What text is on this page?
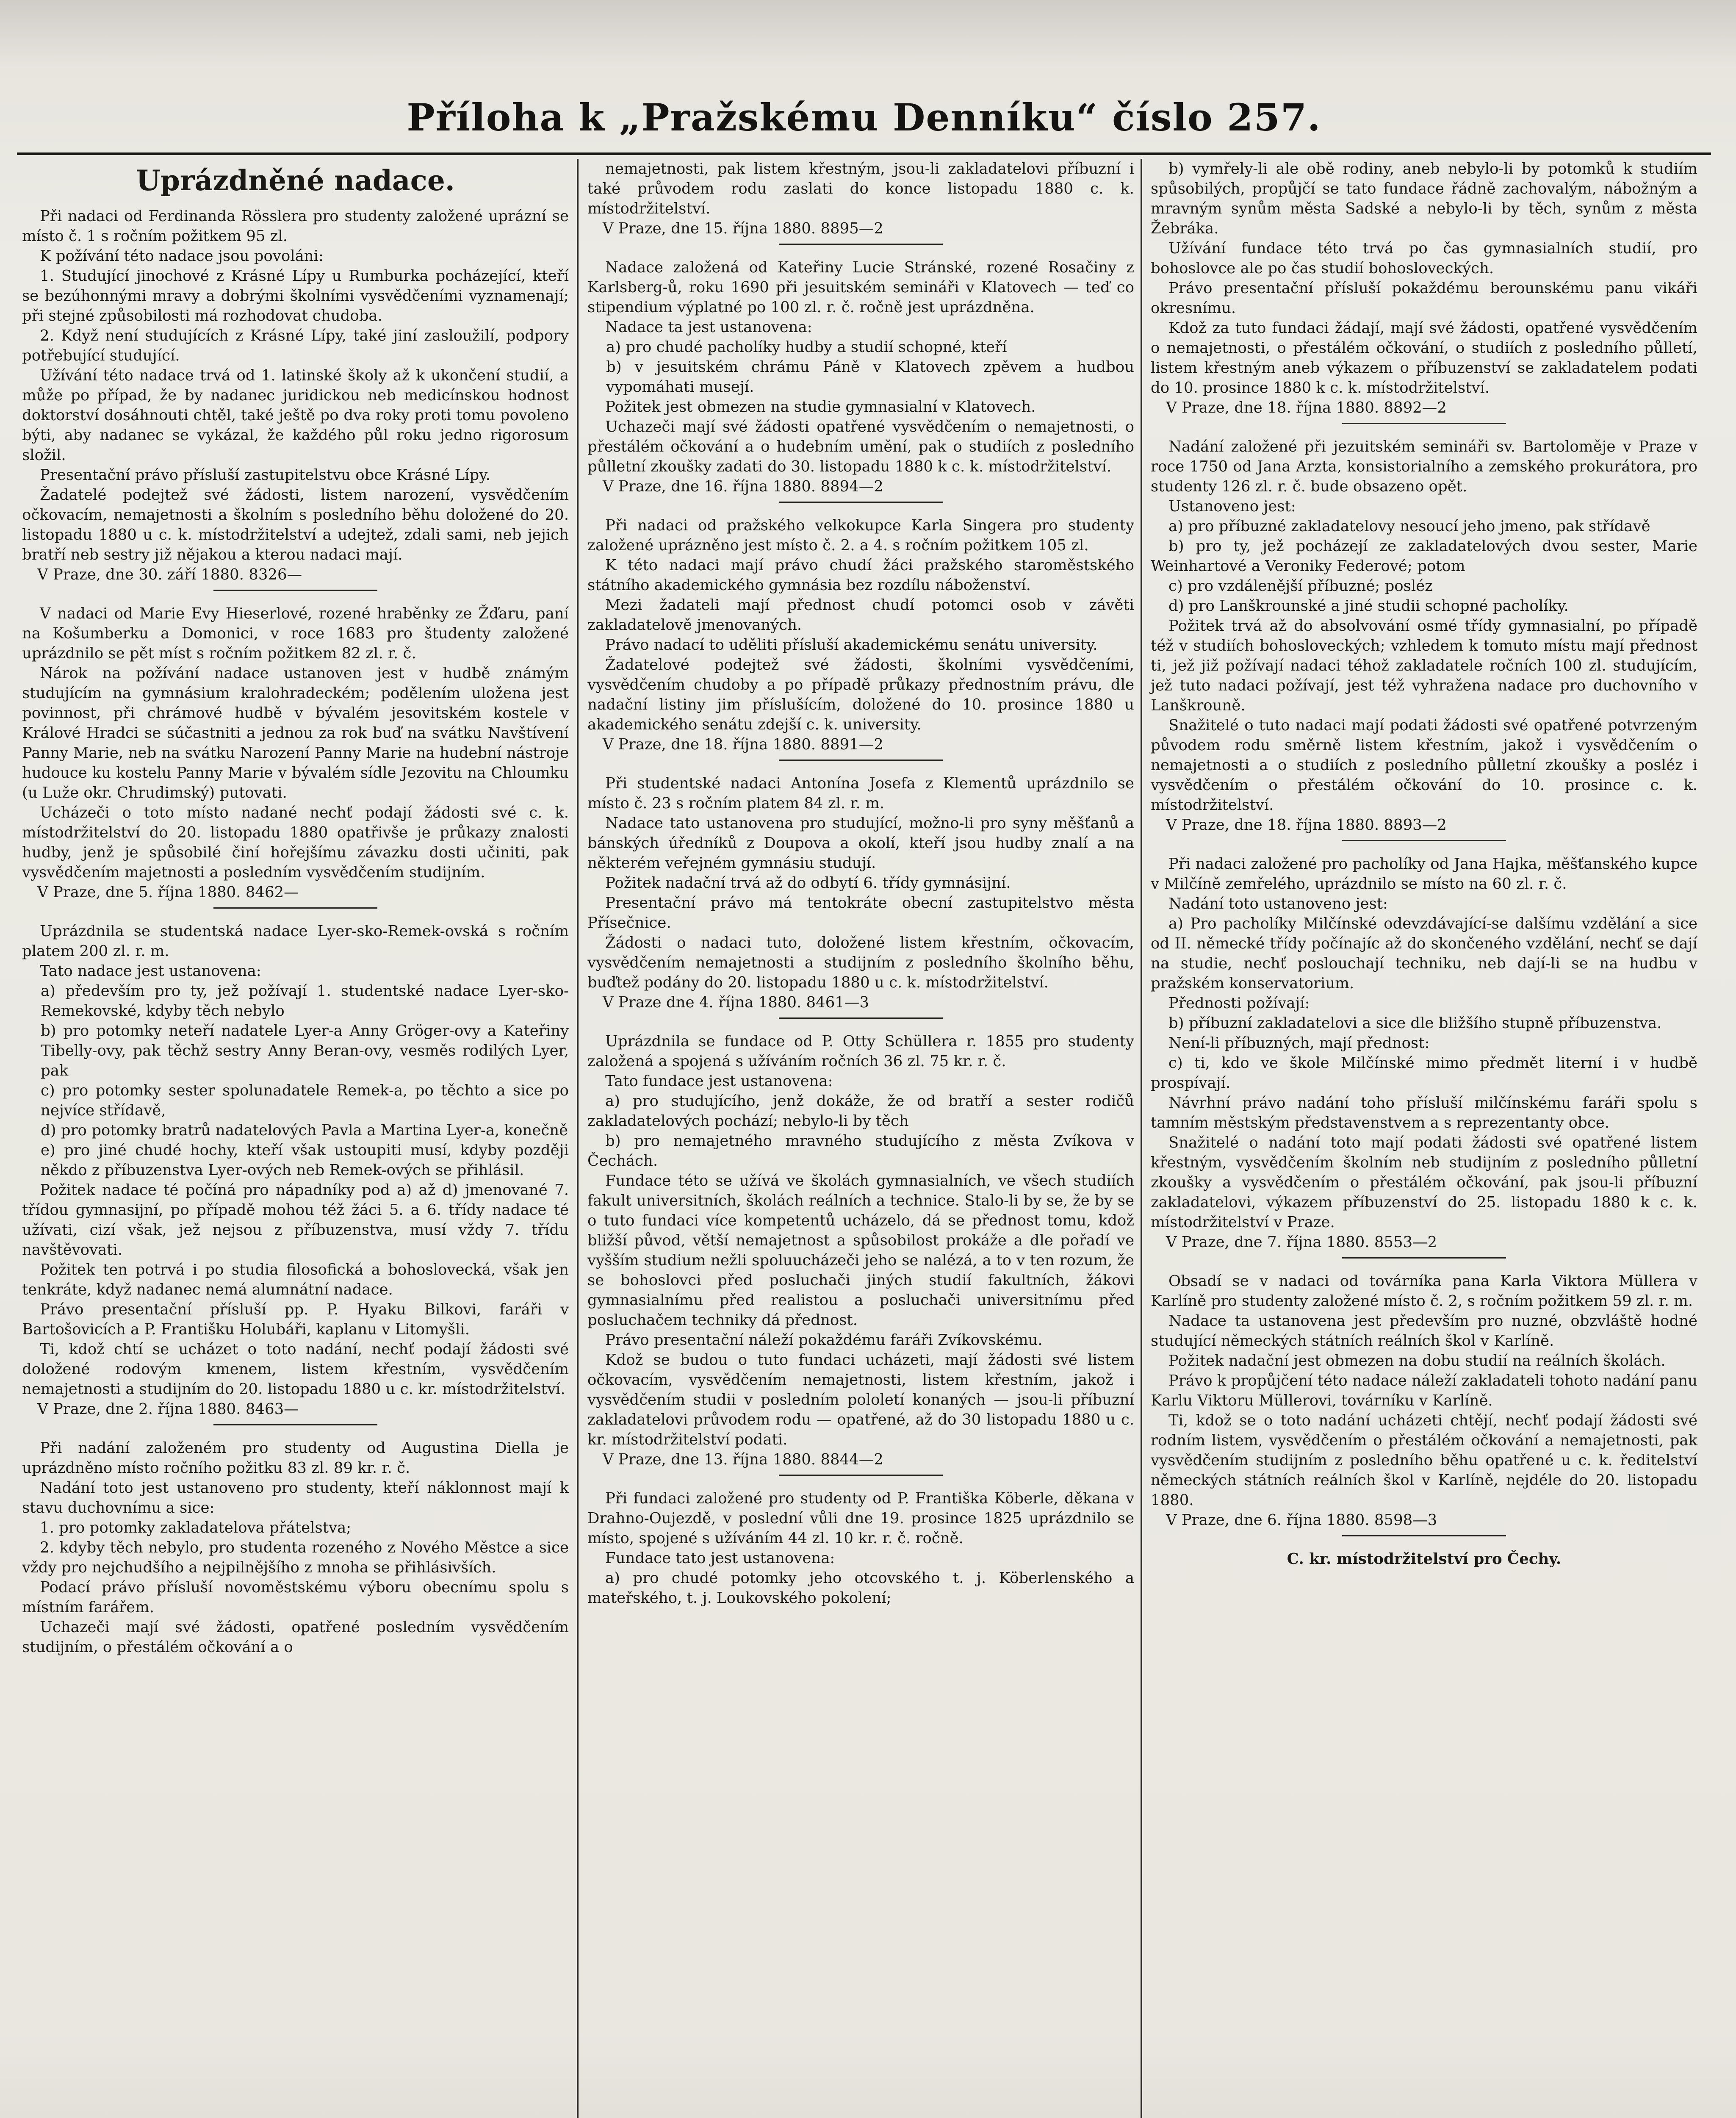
Příloha k „Pražskému Denníku“ číslo 257.
Uprázdněné nadace.

Při nadaci od Ferdinanda Rösslera pro studenty založené uprázní se místo č. 1 s ročním požitkem 95 zl.

K požívání této nadace jsou povoláni:

1. Studující jinochové z Krásné Lípy u Rumburka pocházející, kteří se bezúhonnými mravy a dobrými školními vysvědčeními vyznamenají; při stejné způsobilosti má rozhodovat chudoba.

2. Když není studujících z Krásné Lípy, také jiní zasloužilí, podpory potřebující studující.

Užívání této nadace trvá od 1. latinské školy až k ukončení studií, a může po případ, že by nadanec juridickou neb medicínskou hodnost doktorství dosáhnouti chtěl, také ještě po dva roky proti tomu povoleno býti, aby nadanec se vykázal, že každého půl roku jedno rigorosum složil.

Presentační právo přísluší zastupitelstvu obce Krásné Lípy.

Žadatelé podejtež své žádosti, listem narození, vysvědčením očkovacím, nemajetnosti a školním s posledního běhu doložené do 20. listopadu 1880 u c. k. místodržitelství a udejtež, zdali sami, neb jejich bratří neb sestry již nějakou a kterou nadaci mají.

V Praze, dne 30. září 1880. 8326—

V nadaci od Marie Evy Hieserlové, rozené hraběnky ze Žďaru, paní na Košumberku a Domonici, v roce 1683 pro študenty založené uprázdnilo se pět míst s ročním požitkem 82 zl. r. č.

Nárok na požívání nadace ustanoven jest v hudbě známým studujícím na gymnásium kralohradeckém; podělením uložena jest povinnost, při chrámové hudbě v bývalém jesovitském kostele v Králové Hradci se súčastniti a jednou za rok buď na svátku Navštívení Panny Marie, neb na svátku Narození Panny Marie na hudební nástroje hudouce ku kostelu Panny Marie v bývalém sídle Jezovitu na Chloumku (u Luže okr. Chrudimský) putovati.

Ucházeči o toto místo nadané nechť podají žádosti své c. k. místodržitelství do 20. listopadu 1880 opatřivše je průkazy znalosti hudby, jenž je spůsobilé činí hořejšímu závazku dosti učiniti, pak vysvědčením majetnosti a posledním vysvědčením studijním.

V Praze, dne 5. října 1880. 8462—

Uprázdnila se studentská nadace Lyer-sko-Remek-ovská s ročním platem 200 zl. r. m.

Tato nadace jest ustanovena:

a) především pro ty, jež požívají 1. studentské nadace Lyer-sko-Remekovské, kdyby těch nebylo

b) pro potomky neteří nadatele Lyer-a Anny Gröger-ovy a Kateřiny Tibelly-ovy, pak těchž sestry Anny Beran-ovy, vesměs rodilých Lyer, pak

c) pro potomky sester spolunadatele Remek-a, po těchto a sice po nejvíce střídavě,

d) pro potomky bratrů nadatelových Pavla a Martina Lyer-a, konečně

e) pro jiné chudé hochy, kteří však ustoupiti musí, kdyby později někdo z příbuzenstva Lyer-ových neb Remek-ových se přihlásil.

Požitek nadace té počíná pro nápadníky pod a) až d) jmenované 7. třídou gymnasijní, po případě mohou též žáci 5. a 6. třídy nadace té užívati, cizí však, jež nejsou z příbuzenstva, musí vždy 7. třídu navštěvovati.

Požitek ten potrvá i po studia filosofická a bohoslovecká, však jen tenkráte, když nadanec nemá alumnátní nadace.

Právo presentační přísluší pp. P. Hyaku Bilkovi, faráři v Bartošovicích a P. Františku Holubáři, kaplanu v Litomyšli.

Ti, kdož chtí se ucházet o toto nadání, nechť podají žádosti své doložené rodovým kmenem, listem křestním, vysvědčením nemajetnosti a studijním do 20. listopadu 1880 u c. kr. místodržitelství.

V Praze, dne 2. října 1880. 8463—

Při nadání založeném pro studenty od Augustina Diella je uprázdněno místo ročního požitku 83 zl. 89 kr. r. č.

Nadání toto jest ustanoveno pro studenty, kteří náklonnost mají k stavu duchovnímu a sice:

1. pro potomky zakladatelova přátelstva;

2. kdyby těch nebylo, pro studenta rozeného z Nového Městce a sice vždy pro nejchudšího a nejpilnějšího z mnoha se přihlásivších.

Podací právo přísluší novoměstskému výboru obecnímu spolu s místním farářem.

Uchazeči mají své žádosti, opatřené posledním vysvědčením studijním, o přestálém očkování a o

nemajetnosti, pak listem křestným, jsou-li zakladatelovi příbuzní i také průvodem rodu zaslati do konce listopadu 1880 c. k. místodržitelství.

V Praze, dne 15. října 1880. 8895—2

Nadace založená od Kateřiny Lucie Stránské, rozené Rosačiny z Karlsberg-ů, roku 1690 při jesuitském semináři v Klatovech — teď co stipendium výplatné po 100 zl. r. č. ročně jest uprázdněna.

Nadace ta jest ustanovena:

a) pro chudé pacholíky hudby a studií schopné, kteří

b) v jesuitském chrámu Páně v Klatovech zpěvem a hudbou vypomáhati musejí.

Požitek jest obmezen na studie gymnasialní v Klatovech.

Uchazeči mají své žádosti opatřené vysvědčením o nemajetnosti, o přestálém očkování a o hudebním umění, pak o studiích z posledního půlletní zkoušky zadati do 30. listopadu 1880 k c. k. místodržitelství.

V Praze, dne 16. října 1880. 8894—2

Při nadaci od pražského velkokupce Karla Singera pro studenty založené uprázněno jest místo č. 2. a 4. s ročním požitkem 105 zl.

K této nadaci mají právo chudí žáci pražského staroměstského státního akademického gymnásia bez rozdílu náboženství.

Mezi žadateli mají přednost chudí potomci osob v závěti zakladatelově jmenovaných.

Právo nadací to uděliti přísluší akademickému senátu university.

Žadatelové podejtež své žádosti, školními vysvědčeními, vysvědčením chudoby a po případě průkazy přednostním právu, dle nadační listiny jim příslušícím, doložené do 10. prosince 1880 u akademického senátu zdejší c. k. university.

V Praze, dne 18. října 1880. 8891—2

Při studentské nadaci Antonína Josefa z Klementů uprázdnilo se místo č. 23 s ročním platem 84 zl. r. m.

Nadace tato ustanovena pro studující, možno-li pro syny měšťanů a bánských úředníků z Doupova a okolí, kteří jsou hudby znalí a na některém veřejném gymnásiu studují.

Požitek nadační trvá až do odbytí 6. třídy gymnásijní.

Presentační právo má tentokráte obecní zastupitelstvo města Přísečnice.

Žádosti o nadaci tuto, doložené listem křestním, očkovacím, vysvědčením nemajetnosti a studijním z posledního školního běhu, buďtež podány do 20. listopadu 1880 u c. k. místodržitelství.

V Praze dne 4. října 1880. 8461—3

Uprázdnila se fundace od P. Otty Schüllera r. 1855 pro studenty založená a spojená s užíváním ročních 36 zl. 75 kr. r. č.

Tato fundace jest ustanovena:

a) pro studujícího, jenž dokáže, že od bratří a sester rodičů zakladatelových pochází; nebylo-li by těch

b) pro nemajetného mravného studujícího z města Zvíkova v Čechách.

Fundace této se užívá ve školách gymnasialních, ve všech studiích fakult universitních, školách reálních a technice. Stalo-li by se, že by se o tuto fundaci více kompetentů ucházelo, dá se přednost tomu, kdož bližší původ, větší nemajetnost a spůsobilost prokáže a dle pořadí ve vyšším studium nežli spoluucházeči jeho se nalézá, a to v ten rozum, že se bohoslovci před posluchači jiných studií fakultních, žákovi gymnasialnímu před realistou a posluchači universitnímu před posluchačem techniky dá přednost.

Právo presentační náleží pokaždému faráři Zvíkovskému.

Kdož se budou o tuto fundaci ucházeti, mají žádosti své listem očkovacím, vysvědčením nemajetnosti, listem křestním, jakož i vysvědčením studii v posledním pololetí konaných — jsou-li příbuzní zakladatelovi průvodem rodu — opatřené, až do 30 listopadu 1880 u c. kr. místodržitelství podati.

V Praze, dne 13. října 1880. 8844—2

Při fundaci založené pro studenty od P. Františka Köberle, děkana v Drahno-Oujezdě, v poslední vůli dne 19. prosince 1825 uprázdnilo se místo, spojené s užíváním 44 zl. 10 kr. r. č. ročně.

Fundace tato jest ustanovena:

a) pro chudé potomky jeho otcovského t. j. Köberlenského a mateřského, t. j. Loukovského pokolení;

b) vymřely-li ale obě rodiny, aneb nebylo-li by potomků k studiím spůsobilých, propůjčí se tato fundace řádně zachovalým, nábožným a mravným synům města Sadské a nebylo-li by těch, synům z města Žebráka.

Užívání fundace této trvá po čas gymnasialních studií, pro bohoslovce ale po čas studií bohosloveckých.

Právo presentační přísluší pokaždému berounskému panu vikáři okresnímu.

Kdož za tuto fundaci žádají, mají své žádosti, opatřené vysvědčením o nemajetnosti, o přestálém očkování, o studiích z posledního půlletí, listem křestným aneb výkazem o příbuzenství se zakladatelem podati do 10. prosince 1880 k c. k. místodržitelství.

V Praze, dne 18. října 1880. 8892—2

Nadání založené při jezuitském semináři sv. Bartoloměje v Praze v roce 1750 od Jana Arzta, konsistorialního a zemského prokurátora, pro studenty 126 zl. r. č. bude obsazeno opět.

Ustanoveno jest:

a) pro příbuzné zakladatelovy nesoucí jeho jmeno, pak střídavě

b) pro ty, jež pocházejí ze zakladatelových dvou sester, Marie Weinhartové a Veroniky Federové; potom

c) pro vzdálenější příbuzné; posléz

d) pro Lanškrounské a jiné studii schopné pacholíky.

Požitek trvá až do absolvování osmé třídy gymnasialní, po případě též v studiích bohosloveckých; vzhledem k tomuto místu mají přednost ti, jež již požívají nadaci téhož zakladatele ročních 100 zl. studujícím, jež tuto nadaci požívají, jest též vyhražena nadace pro duchovního v Lanškrouně.

Snažitelé o tuto nadaci mají podati žádosti své opatřené potvrzeným původem rodu směrně listem křestním, jakož i vysvědčením o nemajetnosti a o studiích z posledního půlletní zkoušky a posléz i vysvědčením o přestálém očkování do 10. prosince c. k. místodržitelství.

V Praze, dne 18. října 1880. 8893—2

Při nadaci založené pro pacholíky od Jana Hajka, měšťanského kupce v Milčíně zemřelého, uprázdnilo se místo na 60 zl. r. č.

Nadání toto ustanoveno jest:

a) Pro pacholíky Milčínské odevzdávající-se dalšímu vzdělání a sice od II. německé třídy počínajíc až do skončeného vzdělání, nechť se dají na studie, nechť poslouchají techniku, neb dají-li se na hudbu v pražském konservatorium.

Přednosti požívají:

b) příbuzní zakladatelovi a sice dle bližšího stupně příbuzenstva.

Není-li příbuzných, mají přednost:

c) ti, kdo ve škole Milčínské mimo předmět literní i v hudbě prospívají.

Návrhní právo nadání toho přísluší milčínskému faráři spolu s tamním městským představenstvem a s reprezentanty obce.

Snažitelé o nadání toto mají podati žádosti své opatřené listem křestným, vysvědčením školním neb studijním z posledního půlletní zkoušky a vysvědčením o přestálém očkování, pak jsou-li příbuzní zakladatelovi, výkazem příbuzenství do 25. listopadu 1880 k c. k. místodržitelství v Praze.

V Praze, dne 7. října 1880. 8553—2

Obsadí se v nadaci od továrníka pana Karla Viktora Müllera v Karlíně pro studenty založené místo č. 2, s ročním požitkem 59 zl. r. m.

Nadace ta ustanovena jest především pro nuzné, obzvláště hodné studující německých státních reálních škol v Karlíně.

Požitek nadační jest obmezen na dobu studií na reálních školách.

Právo k propůjčení této nadace náleží zakladateli tohoto nadání panu Karlu Viktoru Müllerovi, továrníku v Karlíně.

Ti, kdož se o toto nadání ucházeti chtějí, nechť podají žádosti své rodním listem, vysvědčením o přestálém očkování a nemajetnosti, pak vysvědčením studijním z posledního běhu opatřené u c. k. ředitelství německých státních reálních škol v Karlíně, nejdéle do 20. listopadu 1880.

V Praze, dne 6. října 1880. 8598—3

C. kr. místodržitelství pro Čechy.
